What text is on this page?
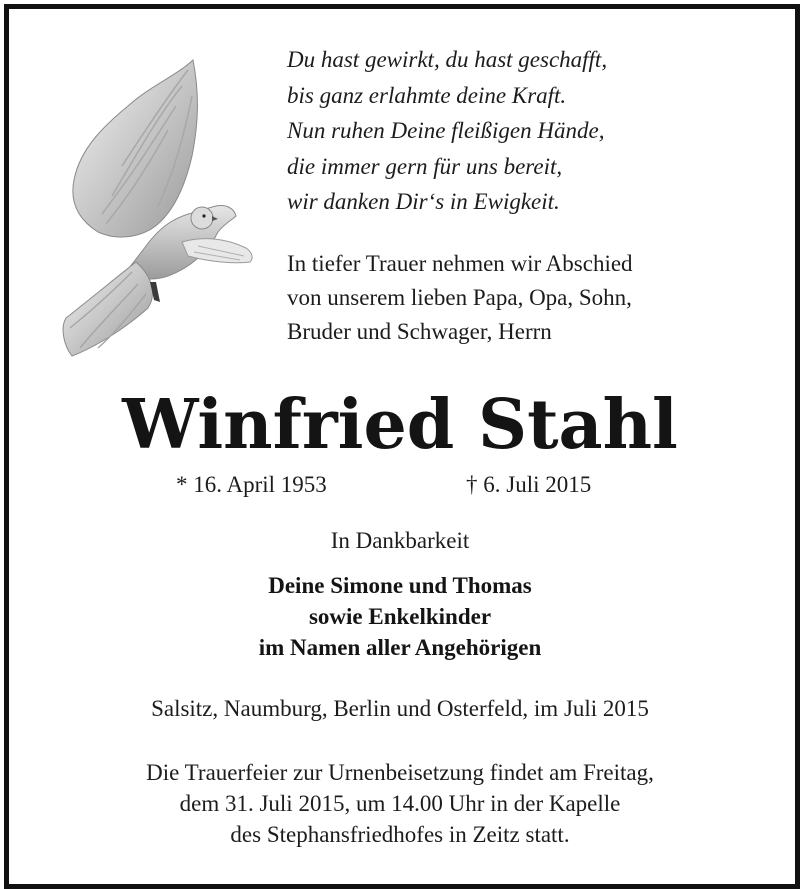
Du hast gewirkt, du hast geschafft,
bis ganz erlahmte deine Kraft.
Nun ruhen Deine fleißigen Hände,
die immer gern für uns bereit,
wir danken Dir‘s in Ewigkeit.
In tiefer Trauer nehmen wir Abschied
von unserem lieben Papa, Opa, Sohn,
Bruder und Schwager, Herrn
Winfried Stahl
* 16. April 1953	† 6. Juli 2015
In Dankbarkeit
Deine Simone und Thomas
sowie Enkelkinder
im Namen aller Angehörigen
Salsitz, Naumburg, Berlin und Osterfeld, im Juli 2015
Die Trauerfeier zur Urnenbeisetzung findet am Freitag,
dem 31. Juli 2015, um 14.00 Uhr in der Kapelle
des Stephansfriedhofes in Zeitz statt.
